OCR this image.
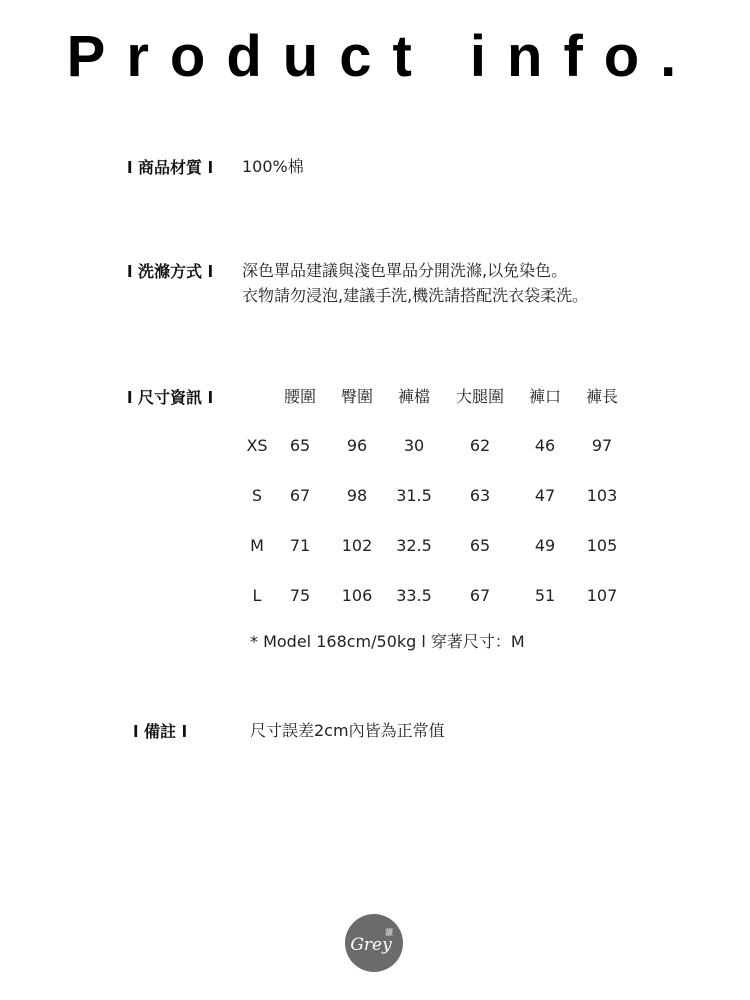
Product info.
l 商品材質 l 100%棉
l 洗滌方式 l 深色單品建議與淺色單品分開洗滌,以免染色。
衣物請勿浸泡,建議手洗,機洗請搭配洗衣袋柔洗。
l 尺寸資訊 l	腰圍 臀圍 褲檔 大腿圍 褲口 褲長
XS 65 96 30	62	46 97
S 67 98 31.5 63	47 103
M 71 102 32.5 65	49 105
L 75 106 33.5 67	51 107
* Model 168cm/50kg l 穿著尺寸：M
l 備註 l	尺寸誤差2cm內皆為正常值
Grey
灑
